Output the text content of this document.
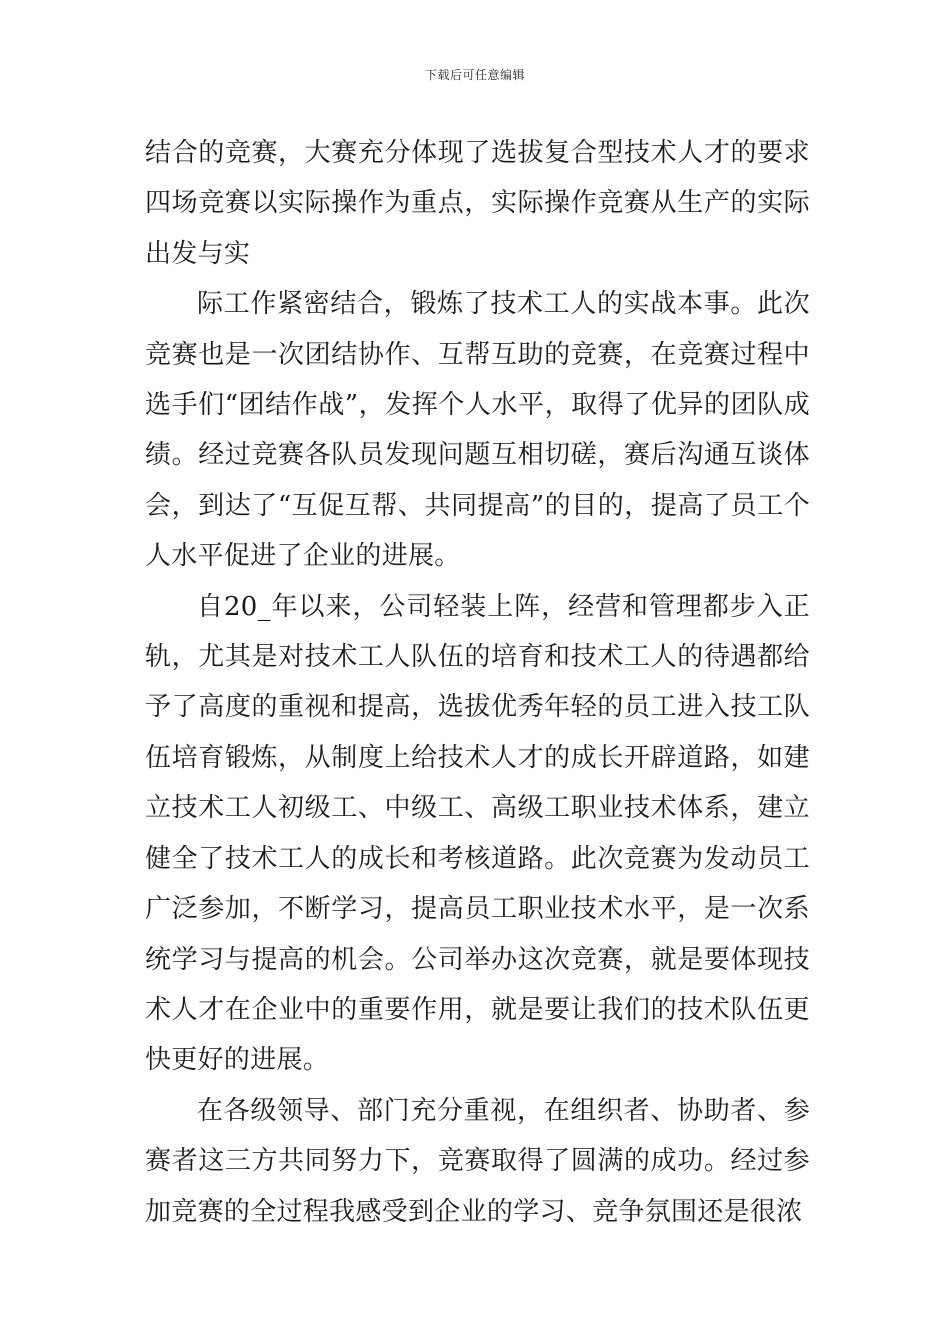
下载后可任意编辑

结合的竞赛，大赛充分体现了选拔复合型技术人才的要求四场竞赛以实际操作为重点，实际操作竞赛从生产的实际出发与实

际工作紧密结合，锻炼了技术工人的实战本事。此次竞赛也是一次团结协作、互帮互助的竞赛，在竞赛过程中选手们“团结作战”，发挥个人水平，取得了优异的团队成绩。经过竞赛各队员发现问题互相切磋，赛后沟通互谈体会，到达了“互促互帮、共同提高”的目的，提高了员工个人水平促进了企业的进展。

自20_年以来，公司轻装上阵，经营和管理都步入正轨，尤其是对技术工人队伍的培育和技术工人的待遇都给予了高度的重视和提高，选拔优秀年轻的员工进入技工队伍培育锻炼，从制度上给技术人才的成长开辟道路，如建立技术工人初级工、中级工、高级工职业技术体系，建立健全了技术工人的成长和考核道路。此次竞赛为发动员工广泛参加，不断学习，提高员工职业技术水平，是一次系统学习与提高的机会。公司举办这次竞赛，就是要体现技术人才在企业中的重要作用，就是要让我们的技术队伍更快更好的进展。

在各级领导、部门充分重视，在组织者、协助者、参赛者这三方共同努力下，竞赛取得了圆满的成功。经过参加竞赛的全过程我感受到企业的学习、竞争氛围还是很浓
